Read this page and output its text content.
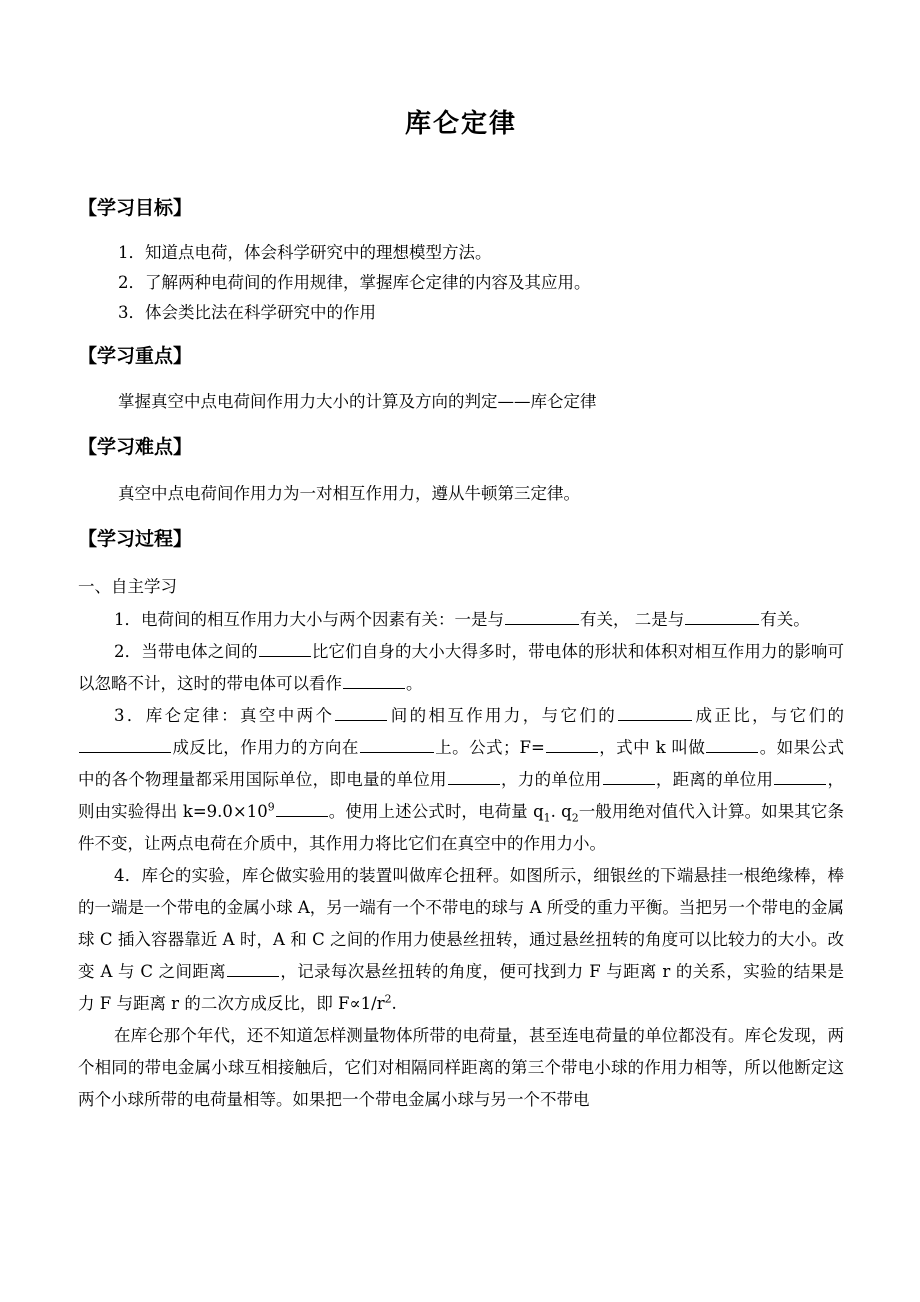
库仑定律
【学习目标】
1．知道点电荷，体会科学研究中的理想模型方法。
2．了解两种电荷间的作用规律，掌握库仑定律的内容及其应用。
3．体会类比法在科学研究中的作用
【学习重点】

掌握真空中点电荷间作用力大小的计算及方向的判定——库仑定律

【学习难点】

真空中点电荷间作用力为一对相互作用力，遵从牛顿第三定律。

【学习过程】
一、自主学习

1．电荷间的相互作用力大小与两个因素有关：一是与	有关， 二是与	有关。

2．当带电体之间的	比它们自身的大小大得多时，带电体的形状和体积对相互作用力的影响可以忽略不计，这时的带电体可以看作	。

3．库仑定律：真空中两个	间的相互作用力，与它们的	成正比，与它们的成反比，作用力的方向在	上。公式；F=	，式中 k 叫做	。如果公式中的各个物理量都采用国际单位，即电量的单位用	，力的单位用	，距离的单位用	，则由实验得出 $k=9.0\times 10^9$	。使用上述公式时，电荷量 $q_1$. $q_2$一般用绝对值代入计算。如果其它条件不变，让两点电荷在介质中，其作用力将比它们在真空中的作用力小。

4．库仑的实验，库仑做实验用的装置叫做库仑扭秤。如图所示，细银丝的下端悬挂一根绝缘棒，棒的一端是一个带电的金属小球 A，另一端有一个不带电的球与 A 所受的重力平衡。当把另一个带电的金属球 C 插入容器靠近 A 时，A 和 C 之间的作用力使悬丝扭转，通过悬丝扭转的角度可以比较力的大小。改变 A 与 C 之间距离	，记录每次悬丝扭转的角度，便可找到力 F 与距离 r 的关系，实验的结果是力 F 与距离 r 的二次方成反比，即 $F\propto 1/r^2$.

在库仑那个年代，还不知道怎样测量物体所带的电荷量，甚至连电荷量的单位都没有。库仑发现，两个相同的带电金属小球互相接触后，它们对相隔同样距离的第三个带电小球的作用力相等，所以他断定这两个小球所带的电荷量相等。如果把一个带电金属小球与另一个不带电
